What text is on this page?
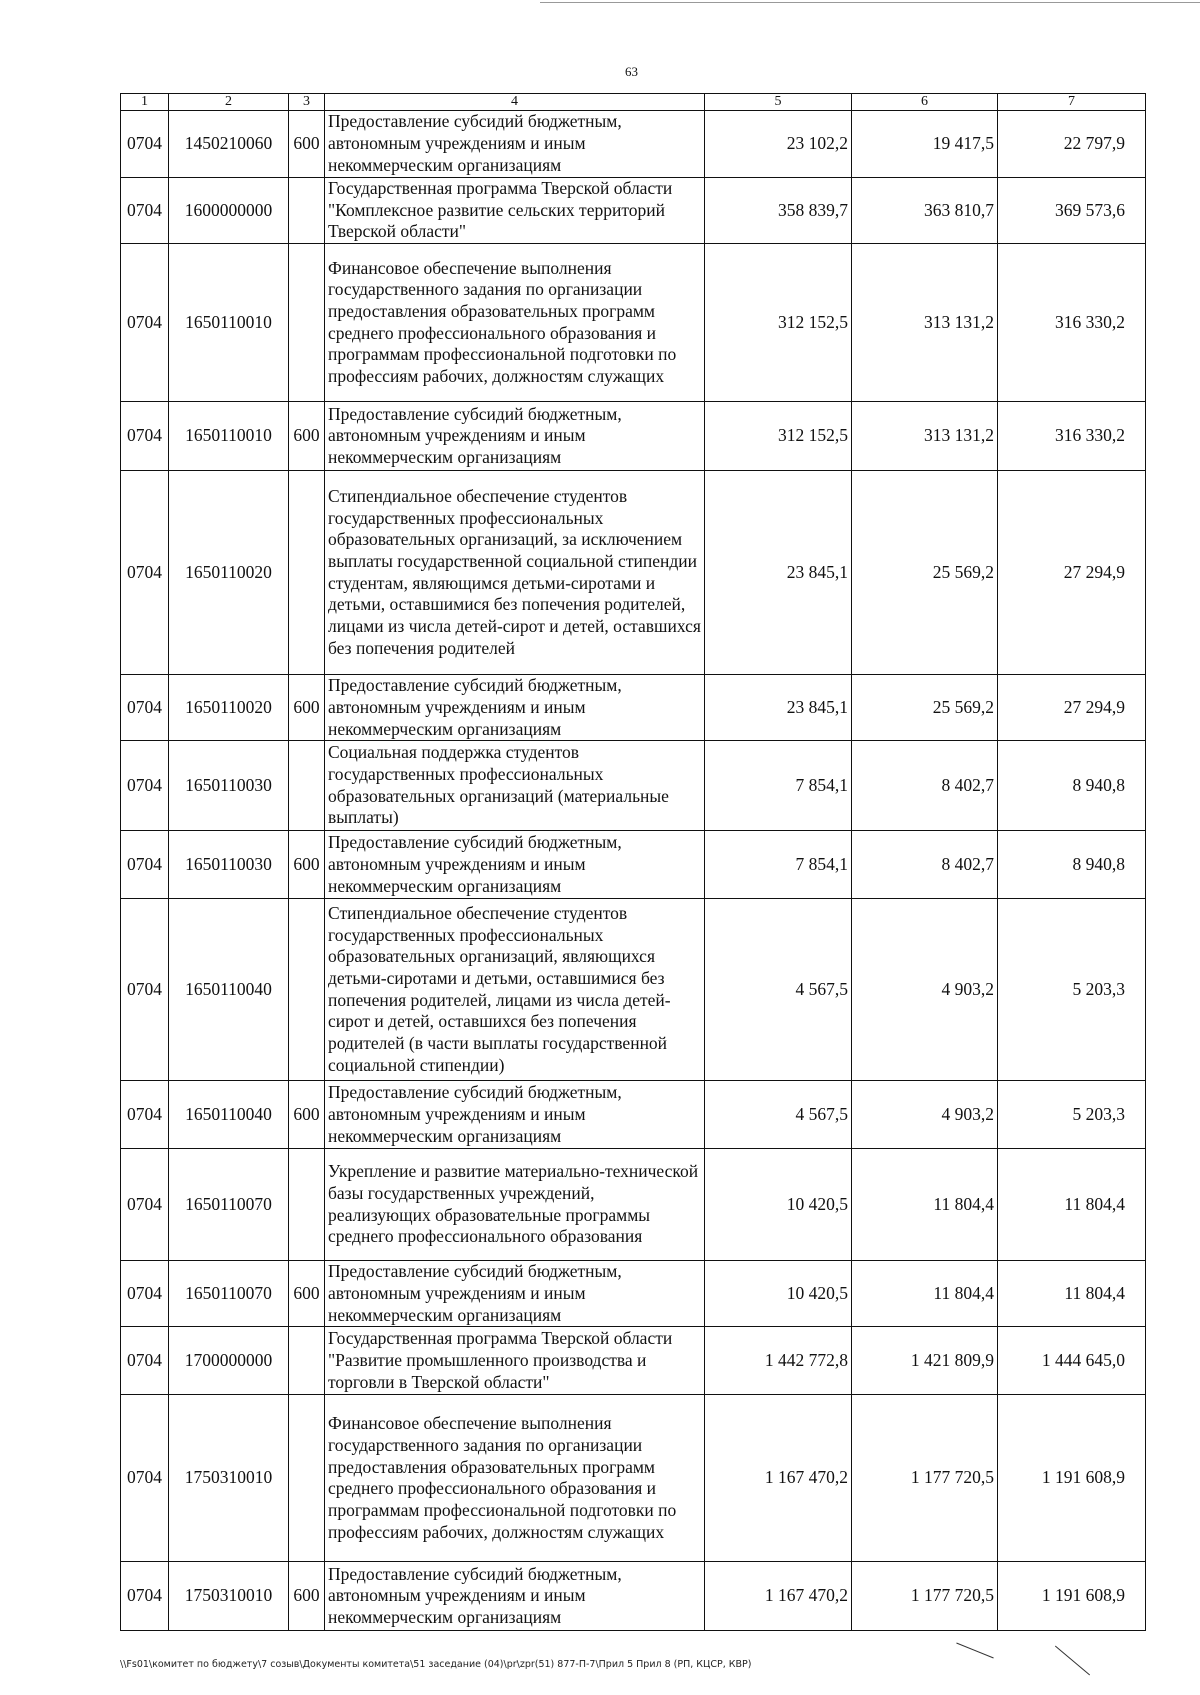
63
1	2	3	4	5	6	7
0704	1450210060	600	Предоставление субсидий бюджетным, автономным учреждениям и иным некоммерческим организациям	23 102,2	19 417,5	22 797,9
0704	1600000000		Государственная программа Тверской области "Комплексное развитие сельских территорий Тверской области"	358 839,7	363 810,7	369 573,6
0704	1650110010		Финансовое обеспечение выполнения государственного задания по организации предоставления образовательных программ среднего профессионального образования и программам профессиональной подготовки по профессиям рабочих, должностям служащих	312 152,5	313 131,2	316 330,2
0704	1650110010	600	Предоставление субсидий бюджетным, автономным учреждениям и иным некоммерческим организациям	312 152,5	313 131,2	316 330,2
0704	1650110020		Стипендиальное обеспечение студентов государственных профессиональных образовательных организаций, за исключением выплаты государственной социальной стипендии студентам, являющимся детьми-сиротами и детьми, оставшимися без попечения родителей, лицами из числа детей-сирот и детей, оставшихся без попечения родителей	23 845,1	25 569,2	27 294,9
0704	1650110020	600	Предоставление субсидий бюджетным, автономным учреждениям и иным некоммерческим организациям	23 845,1	25 569,2	27 294,9
0704	1650110030		Социальная поддержка студентов государственных профессиональных образовательных организаций (материальные выплаты)	7 854,1	8 402,7	8 940,8
0704	1650110030	600	Предоставление субсидий бюджетным, автономным учреждениям и иным некоммерческим организациям	7 854,1	8 402,7	8 940,8
0704	1650110040		Стипендиальное обеспечение студентов государственных профессиональных образовательных организаций, являющихся детьми-сиротами и детьми, оставшимися без попечения родителей, лицами из числа детей-сирот и детей, оставшихся без попечения родителей (в части выплаты государственной социальной стипендии)	4 567,5	4 903,2	5 203,3
0704	1650110040	600	Предоставление субсидий бюджетным, автономным учреждениям и иным некоммерческим организациям	4 567,5	4 903,2	5 203,3
0704	1650110070		Укрепление и развитие материально-технической базы государственных учреждений, реализующих образовательные программы среднего профессионального образования	10 420,5	11 804,4	11 804,4
0704	1650110070	600	Предоставление субсидий бюджетным, автономным учреждениям и иным некоммерческим организациям	10 420,5	11 804,4	11 804,4
0704	1700000000		Государственная программа Тверской области "Развитие промышленного производства и торговли в Тверской области"	1 442 772,8	1 421 809,9	1 444 645,0
0704	1750310010		Финансовое обеспечение выполнения государственного задания по организации предоставления образовательных программ среднего профессионального образования и программам профессиональной подготовки по профессиям рабочих, должностям служащих	1 167 470,2	1 177 720,5	1 191 608,9
0704	1750310010	600	Предоставление субсидий бюджетным, автономным учреждениям и иным некоммерческим организациям	1 167 470,2	1 177 720,5	1 191 608,9
\\Fs01\комитет по бюджету\7 созыв\Документы комитета\51 заседание (04)\pr\zpr(51) 877-П-7\Прил 5 Прил 8 (РП, КЦСР, КВР)
